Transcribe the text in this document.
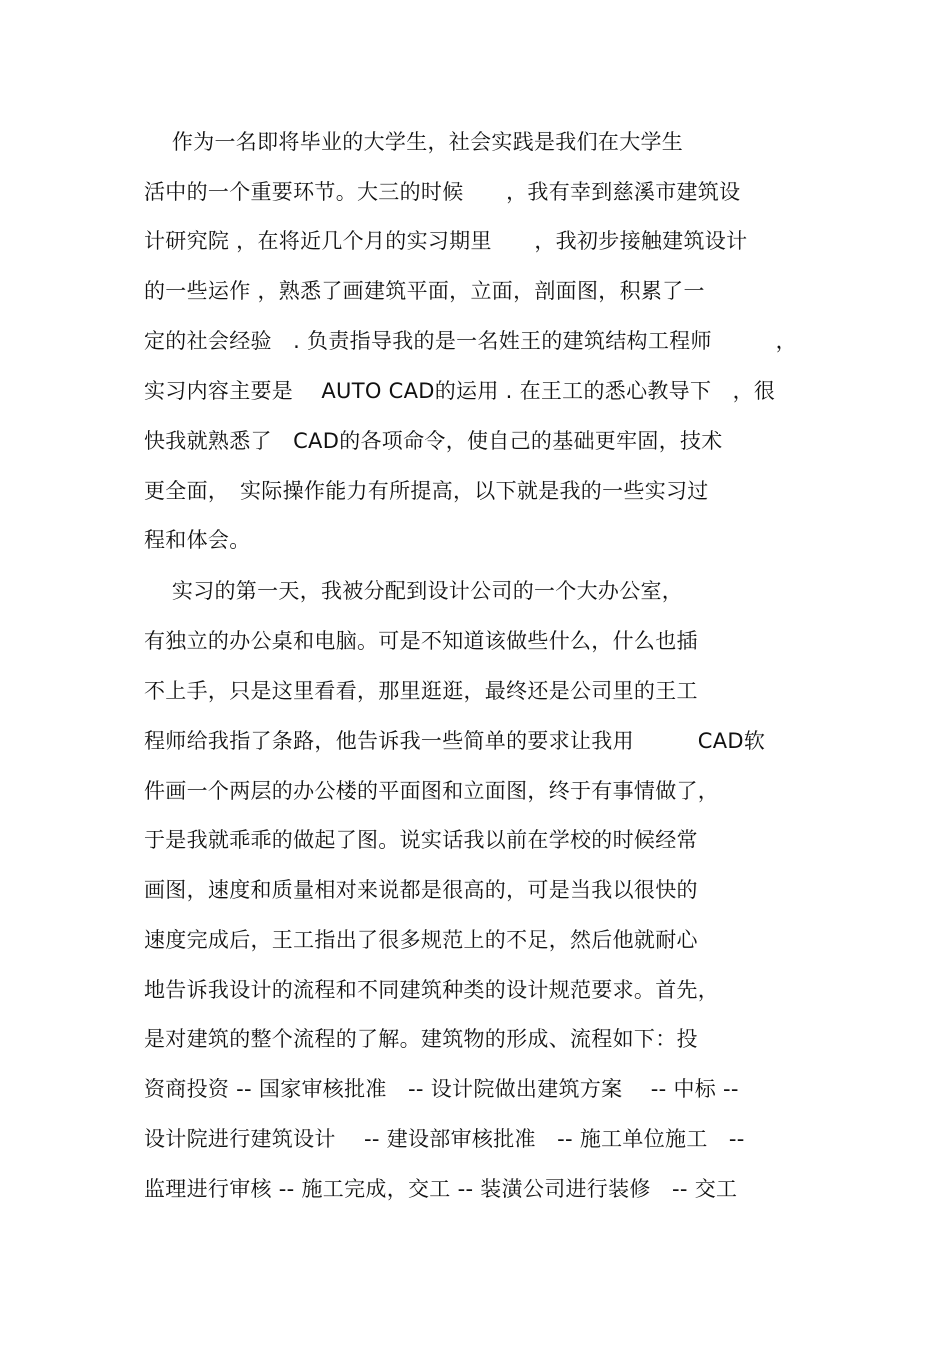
作为一名即将毕业的大学生，社会实践是我们在大学生
活中的一个重要环节。大三的时候　　，我有幸到慈溪市建筑设
计研究院 ，在将近几个月的实习期里　　，我初步接触建筑设计
的一些运作 ，熟悉了画建筑平面，立面，剖面图，积累了一
定的社会经验　. 负责指导我的是一名姓王的建筑结构工程师　　　，
实习内容主要是　 AUTO CAD的运用 . 在王工的悉心教导下　，很
快我就熟悉了　CAD的各项命令，使自己的基础更牢固，技术
更全面，　实际操作能力有所提高，以下就是我的一些实习过
程和体会。
实习的第一天，我被分配到设计公司的一个大办公室，
有独立的办公桌和电脑。可是不知道该做些什么，什么也插
不上手，只是这里看看，那里逛逛，最终还是公司里的王工
程师给我指了条路，他告诉我一些简单的要求让我用　　　CAD软
件画一个两层的办公楼的平面图和立面图，终于有事情做了，
于是我就乖乖的做起了图。说实话我以前在学校的时候经常
画图，速度和质量相对来说都是很高的，可是当我以很快的
速度完成后，王工指出了很多规范上的不足，然后他就耐心
地告诉我设计的流程和不同建筑种类的设计规范要求。首先，
是对建筑的整个流程的了解。建筑物的形成、流程如下：投
资商投资 -- 国家审核批准　-- 设计院做出建筑方案　 -- 中标 --
设计院进行建筑设计　 -- 建设部审核批准　-- 施工单位施工　--
监理进行审核 -- 施工完成，交工 -- 装潢公司进行装修　-- 交工
